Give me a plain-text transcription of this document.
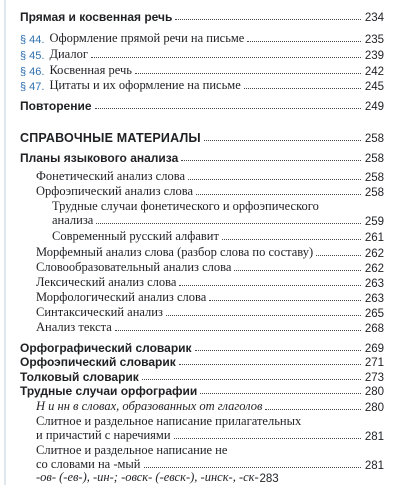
Прямая и косвенная речь	234
§ 44. Оформление прямой речи на письме	235
§ 45. Диалог	239
§ 46. Косвенная речь	242
§ 47. Цитаты и их оформление на письме	245
Повторение	249
СПРАВОЧНЫЕ МАТЕРИАЛЫ	258
Планы языкового анализа	258
Фонетический анализ слова	258
Орфоэпический анализ слова	258
Трудные случаи фонетического и орфоэпического
анализа	259
Современный русский алфавит	261
Морфемный анализ слова (разбор слова по составу)	262
Словообразовательный анализ слова	262
Лексический анализ слова	263
Морфологический анализ слова	263
Синтаксический анализ	265
Анализ текста	268
Орфографический словарик	269
Орфоэпический словарик	271
Толковый словарик	273
Трудные случаи орфографии	280
Н и нн в словах, образованных от глаголов	280
Слитное и раздельное написание прилагательных
и причастий с наречиями	281
Слитное и раздельное написание не
со словами на -мый	281
-ов- (-ев-), -ин-; -овск- (-евск-), -инск-, -ск- 283
